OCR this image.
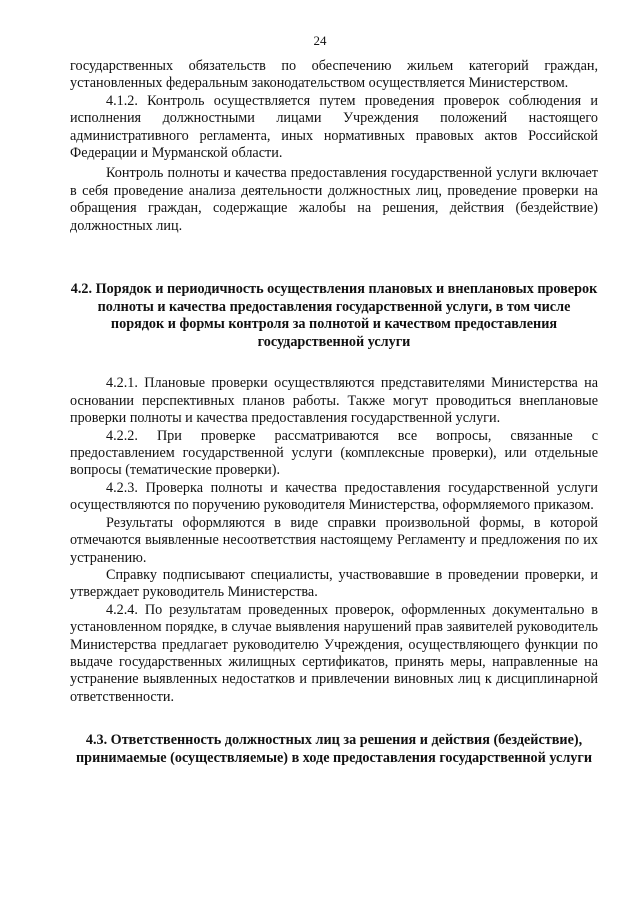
24

государственных обязательств по обеспечению жильем категорий граждан, установленных федеральным законодательством осуществляется Министерством.

4.1.2. Контроль осуществляется путем проведения проверок соблюдения и исполнения должностными лицами Учреждения положений настоящего административного регламента, иных нормативных правовых актов Российской Федерации и Мурманской области.

Контроль полноты и качества предоставления государственной услуги включает в себя проведение анализа деятельности должностных лиц, проведение проверки на обращения граждан, содержащие жалобы на решения, действия (бездействие) должностных лиц.

4.2. Порядок и периодичность осуществления плановых и внеплановых проверок полноты и качества предоставления государственной услуги, в том числе порядок и формы контроля за полнотой и качеством предоставления государственной услуги

4.2.1. Плановые проверки осуществляются представителями Министерства на основании перспективных планов работы. Также могут проводиться внеплановые проверки полноты и качества предоставления государственной услуги.

4.2.2. При проверке рассматриваются все вопросы, связанные с предоставлением государственной услуги (комплексные проверки), или отдельные вопросы (тематические проверки).

4.2.3. Проверка полноты и качества предоставления государственной услуги осуществляются по поручению руководителя Министерства, оформляемого приказом.

Результаты оформляются в виде справки произвольной формы, в которой отмечаются выявленные несоответствия настоящему Регламенту и предложения по их устранению.

Справку подписывают специалисты, участвовавшие в проведении проверки, и утверждает руководитель Министерства.

4.2.4. По результатам проведенных проверок, оформленных документально в установленном порядке, в случае выявления нарушений прав заявителей руководитель Министерства предлагает руководителю Учреждения, осуществляющего функции по выдаче государственных жилищных сертификатов, принять меры, направленные на устранение выявленных недостатков и привлечении виновных лиц к дисциплинарной ответственности.

4.3. Ответственность должностных лиц за решения и действия (бездействие), принимаемые (осуществляемые) в ходе предоставления государственной услуги
